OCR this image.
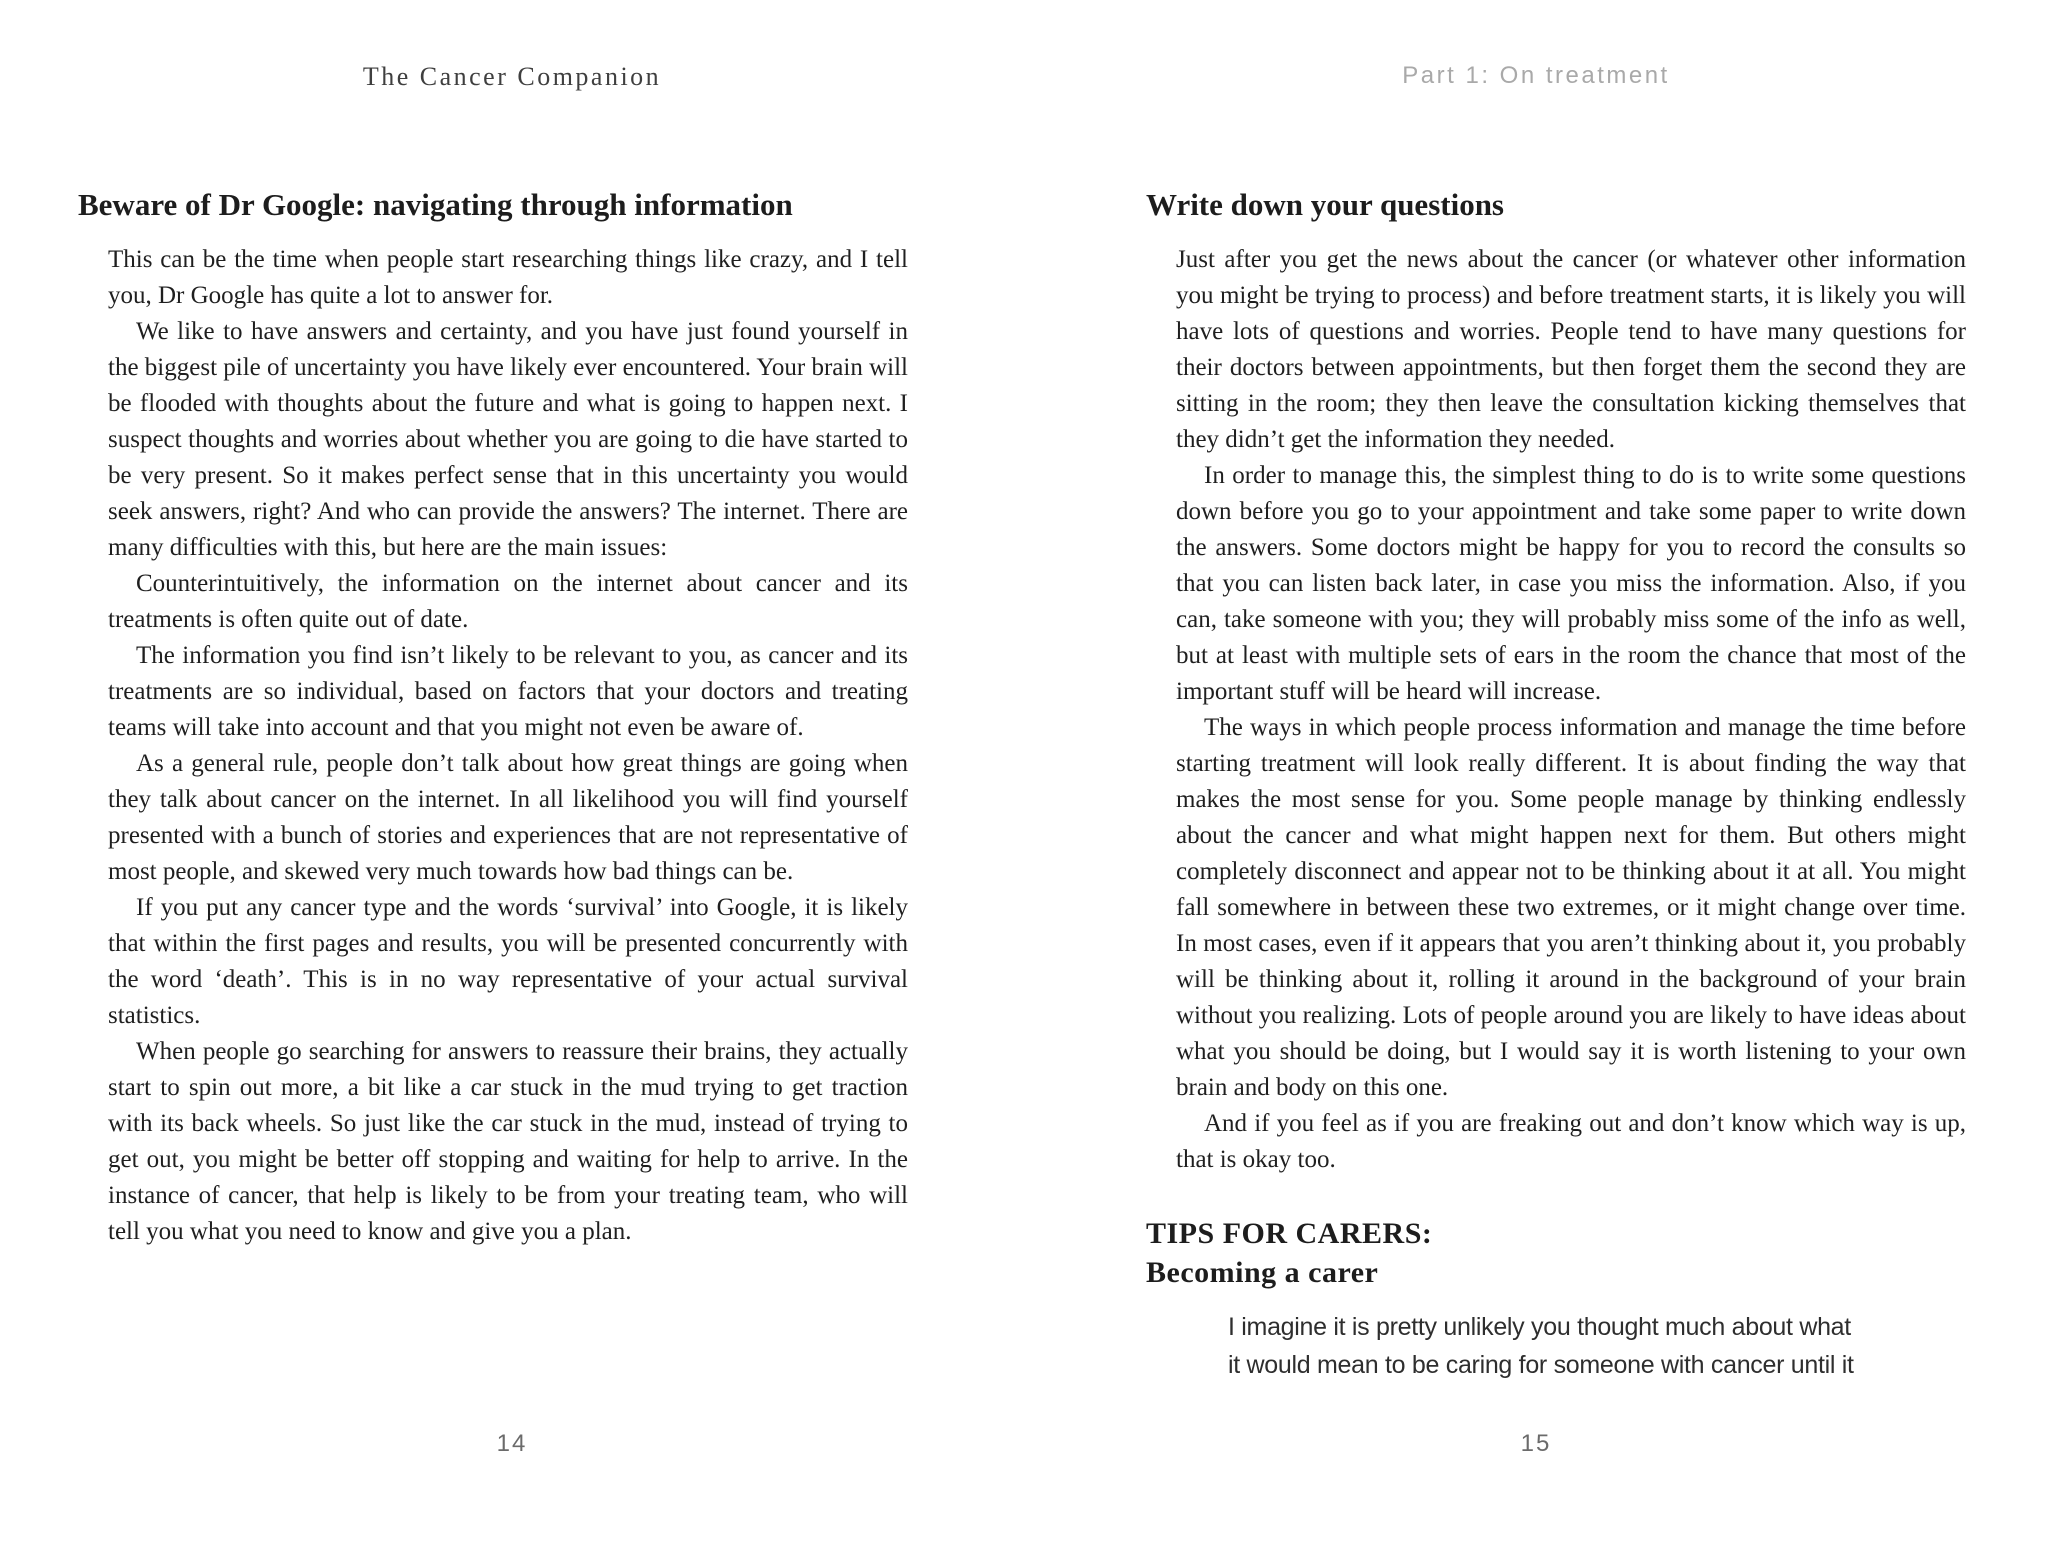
The Cancer Companion
Beware of Dr Google: navigating through information

This can be the time when people start researching things like crazy, and I tell you, Dr Google has quite a lot to answer for.

We like to have answers and certainty, and you have just found yourself in the biggest pile of uncertainty you have likely ever encountered. Your brain will be flooded with thoughts about the future and what is going to happen next. I suspect thoughts and worries about whether you are going to die have started to be very present. So it makes perfect sense that in this uncertainty you would seek answers, right? And who can provide the answers? The internet. There are many difficulties with this, but here are the main issues:

Counterintuitively, the information on the internet about cancer and its treatments is often quite out of date.

The information you find isn’t likely to be relevant to you, as cancer and its treatments are so individual, based on factors that your doctors and treating teams will take into account and that you might not even be aware of.

As a general rule, people don’t talk about how great things are going when they talk about cancer on the internet. In all likelihood you will find yourself presented with a bunch of stories and experiences that are not representative of most people, and skewed very much towards how bad things can be.

If you put any cancer type and the words ‘survival’ into Google, it is likely that within the first pages and results, you will be presented concurrently with the word ‘death’. This is in no way representative of your actual survival statistics.

When people go searching for answers to reassure their brains, they actually start to spin out more, a bit like a car stuck in the mud trying to get traction with its back wheels. So just like the car stuck in the mud, instead of trying to get out, you might be better off stopping and waiting for help to arrive. In the instance of cancer, that help is likely to be from your treating team, who will tell you what you need to know and give you a plan.

14
Part 1: On treatment
Write down your questions

Just after you get the news about the cancer (or whatever other information you might be trying to process) and before treatment starts, it is likely you will have lots of questions and worries. People tend to have many questions for their doctors between appointments, but then forget them the second they are sitting in the room; they then leave the consultation kicking themselves that they didn’t get the information they needed.

In order to manage this, the simplest thing to do is to write some questions down before you go to your appointment and take some paper to write down the answers. Some doctors might be happy for you to record the consults so that you can listen back later, in case you miss the information. Also, if you can, take someone with you; they will probably miss some of the info as well, but at least with multiple sets of ears in the room the chance that most of the important stuff will be heard will increase.

The ways in which people process information and manage the time before starting treatment will look really different. It is about finding the way that makes the most sense for you. Some people manage by thinking endlessly about the cancer and what might happen next for them. But others might completely disconnect and appear not to be thinking about it at all. You might fall somewhere in between these two extremes, or it might change over time. In most cases, even if it appears that you aren’t thinking about it, you probably will be thinking about it, rolling it around in the background of your brain without you realizing. Lots of people around you are likely to have ideas about what you should be doing, but I would say it is worth listening to your own brain and body on this one.

And if you feel as if you are freaking out and don’t know which way is up, that is okay too.

TIPS FOR CARERS:
Becoming a carer
I imagine it is pretty unlikely you thought much about what
it would mean to be caring for someone with cancer until it
15
